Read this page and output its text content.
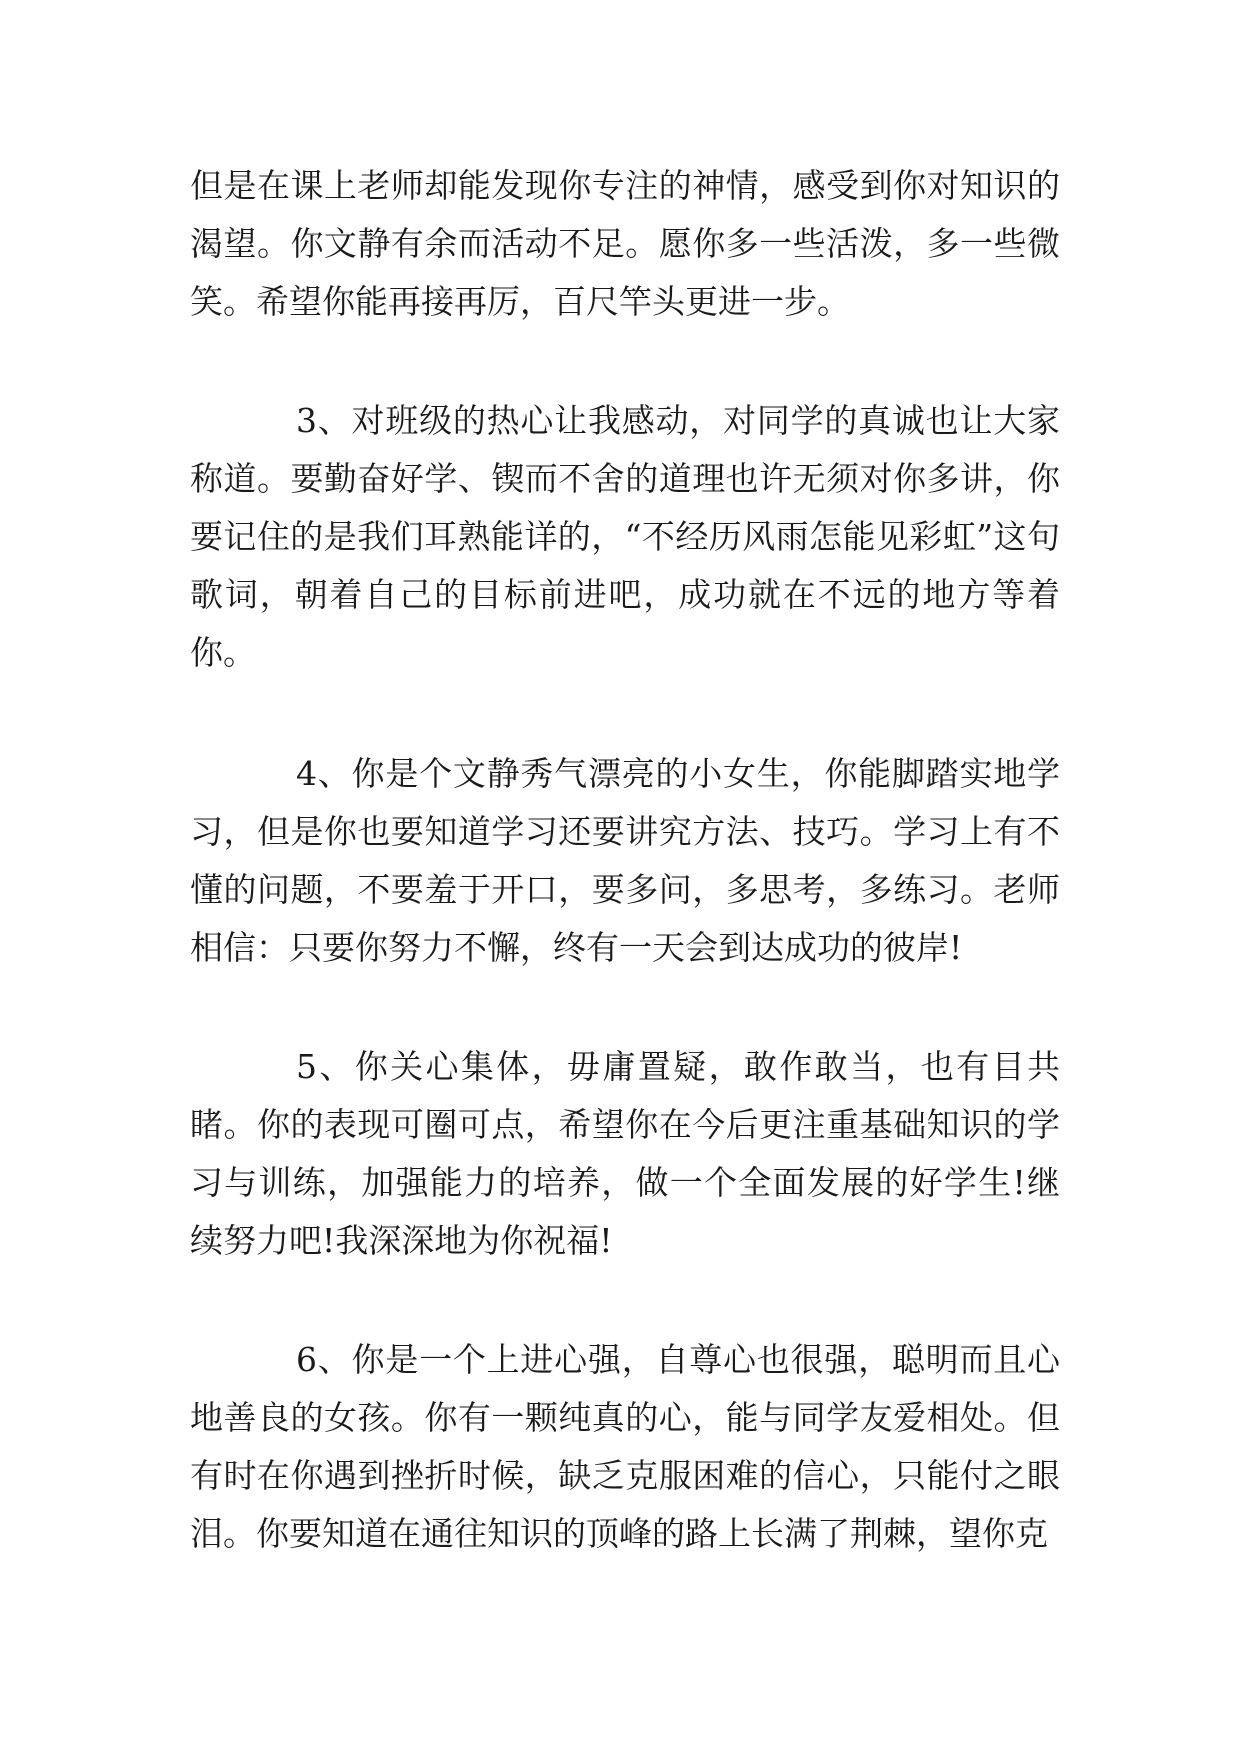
但是在课上老师却能发现你专注的神情，感受到你对知识的渴望。你文静有余而活动不足。愿你多一些活泼，多一些微笑。希望你能再接再厉，百尺竿头更进一步。

3、对班级的热心让我感动，对同学的真诚也让大家称道。要勤奋好学、锲而不舍的道理也许无须对你多讲，你要记住的是我们耳熟能详的，“不经历风雨怎能见彩虹”这句歌词，朝着自己的目标前进吧，成功就在不远的地方等着你。

4、你是个文静秀气漂亮的小女生，你能脚踏实地学习，但是你也要知道学习还要讲究方法、技巧。学习上有不懂的问题，不要羞于开口，要多问，多思考，多练习。老师相信：只要你努力不懈，终有一天会到达成功的彼岸!

5、你关心集体，毋庸置疑，敢作敢当，也有目共睹。你的表现可圈可点，希望你在今后更注重基础知识的学习与训练，加强能力的培养，做一个全面发展的好学生!继续努力吧!我深深地为你祝福!

6、你是一个上进心强，自尊心也很强，聪明而且心地善良的女孩。你有一颗纯真的心，能与同学友爱相处。但有时在你遇到挫折时候，缺乏克服困难的信心，只能付之眼泪。你要知道在通往知识的顶峰的路上长满了荆棘，望你克
